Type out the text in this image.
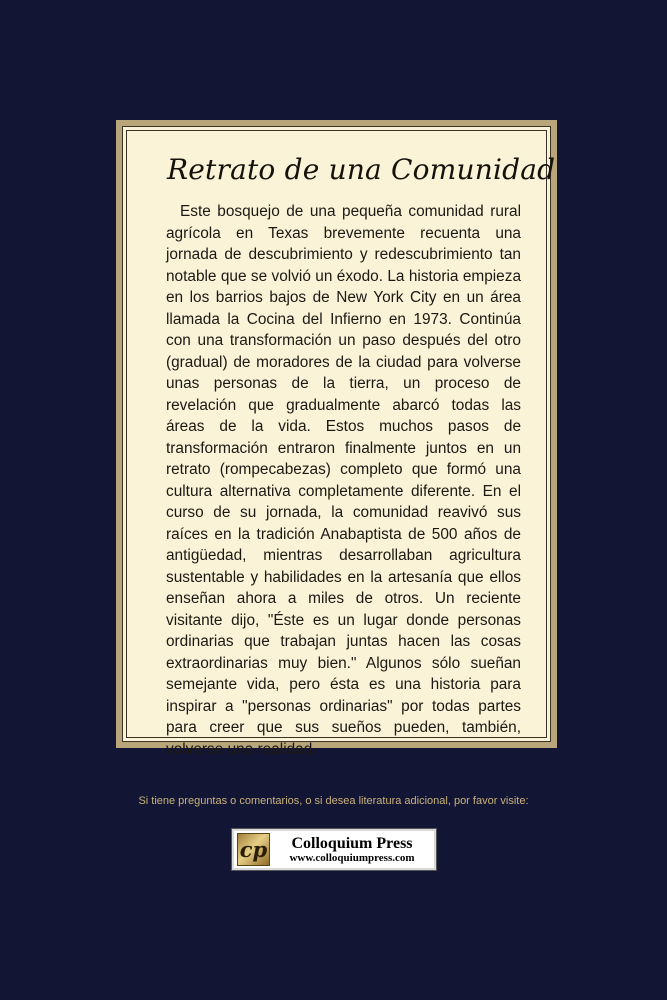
Retrato de una Comunidad

Este bosquejo de una pequeña comunidad rural agrícola en Texas brevemente recuenta una jornada de descubrimiento y redescubrimiento tan notable que se volvió un éxodo. La historia empieza en los barrios bajos de New York City en un área llamada la Cocina del Infierno en 1973. Continúa con una transformación un paso después del otro (gradual) de moradores de la ciudad para volverse unas personas de la tierra, un proceso de revelación que gradualmente abarcó todas las áreas de la vida. Estos muchos pasos de transformación entraron finalmente juntos en un retrato (rompecabezas) completo que formó una cultura alternativa completamente diferente. En el curso de su jornada, la comunidad reavivó sus raíces en la tradición Anabaptista de 500 años de antigüedad, mientras desarrollaban agricultura sustentable y habilidades en la artesanía que ellos enseñan ahora a miles de otros. Un reciente visitante dijo, "Éste es un lugar donde personas ordinarias que trabajan juntas hacen las cosas extraordinarias muy bien." Algunos sólo sueñan semejante vida, pero ésta es una historia para inspirar a "personas ordinarias" por todas partes para creer que sus sueños pueden, también, volverse una realidad.

Si tiene preguntas o comentarios, o si desea literatura adicional, por favor visite:
cp	Colloquium Press
www.colloquiumpress.com
